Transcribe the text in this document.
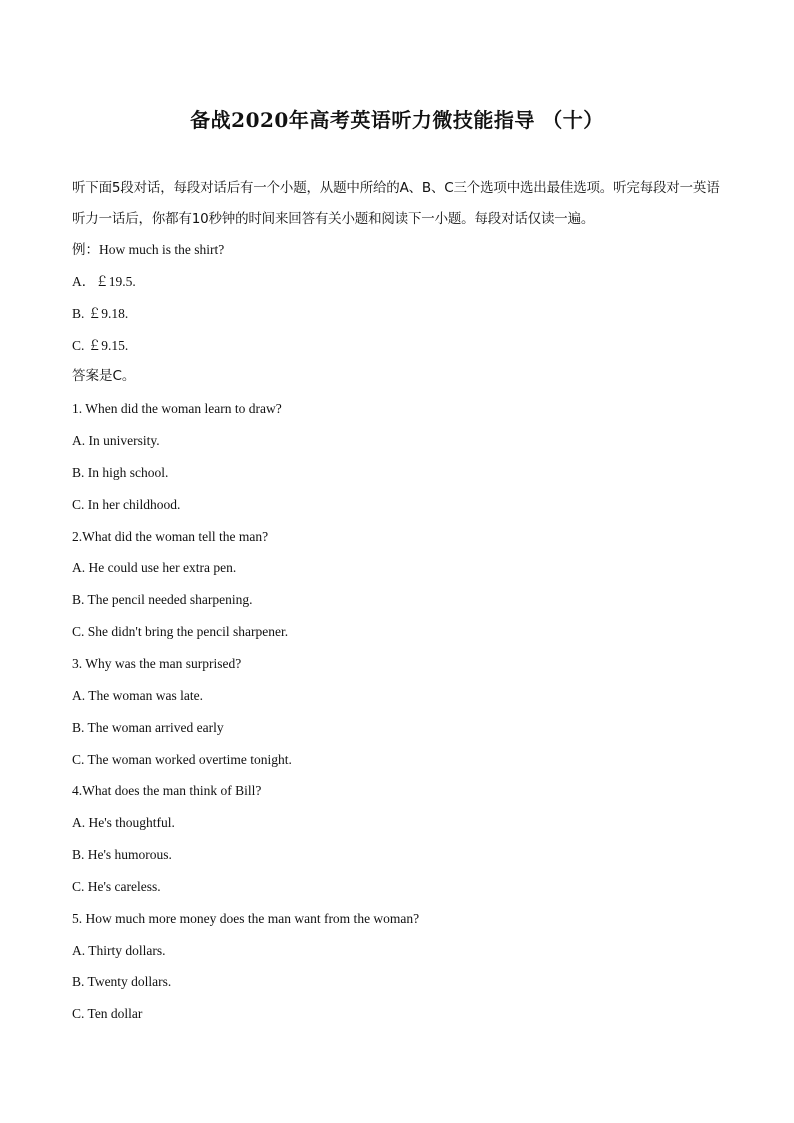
备战2020年高考英语听力微技能指导 （十）
听下面5段对话，每段对话后有一个小题，从题中所给的A、B、C三个选项中选出最佳选项。听完每段对一英语听力一话后，你都有10秒钟的时间来回答有关小题和阅读下一小题。每段对话仅读一遍。
例：How much is the shirt?
A．￡19.5.
B. ￡9.18.
C. ￡9.15.
答案是C。
1. When did the woman learn to draw?
A. In university.
B. In high school.
C. In her childhood.
2.What did the woman tell the man?
A. He could use her extra pen.
B. The pencil needed sharpening.
C. She didn't bring the pencil sharpener.
3. Why was the man surprised?
A. The woman was late.
B. The woman arrived early
C. The woman worked overtime tonight.
4.What does the man think of Bill?
A. He's thoughtful.
B. He's humorous.
C. He's careless.
5. How much more money does the man want from the woman?
A. Thirty dollars.
B. Twenty dollars.
C. Ten dollar
